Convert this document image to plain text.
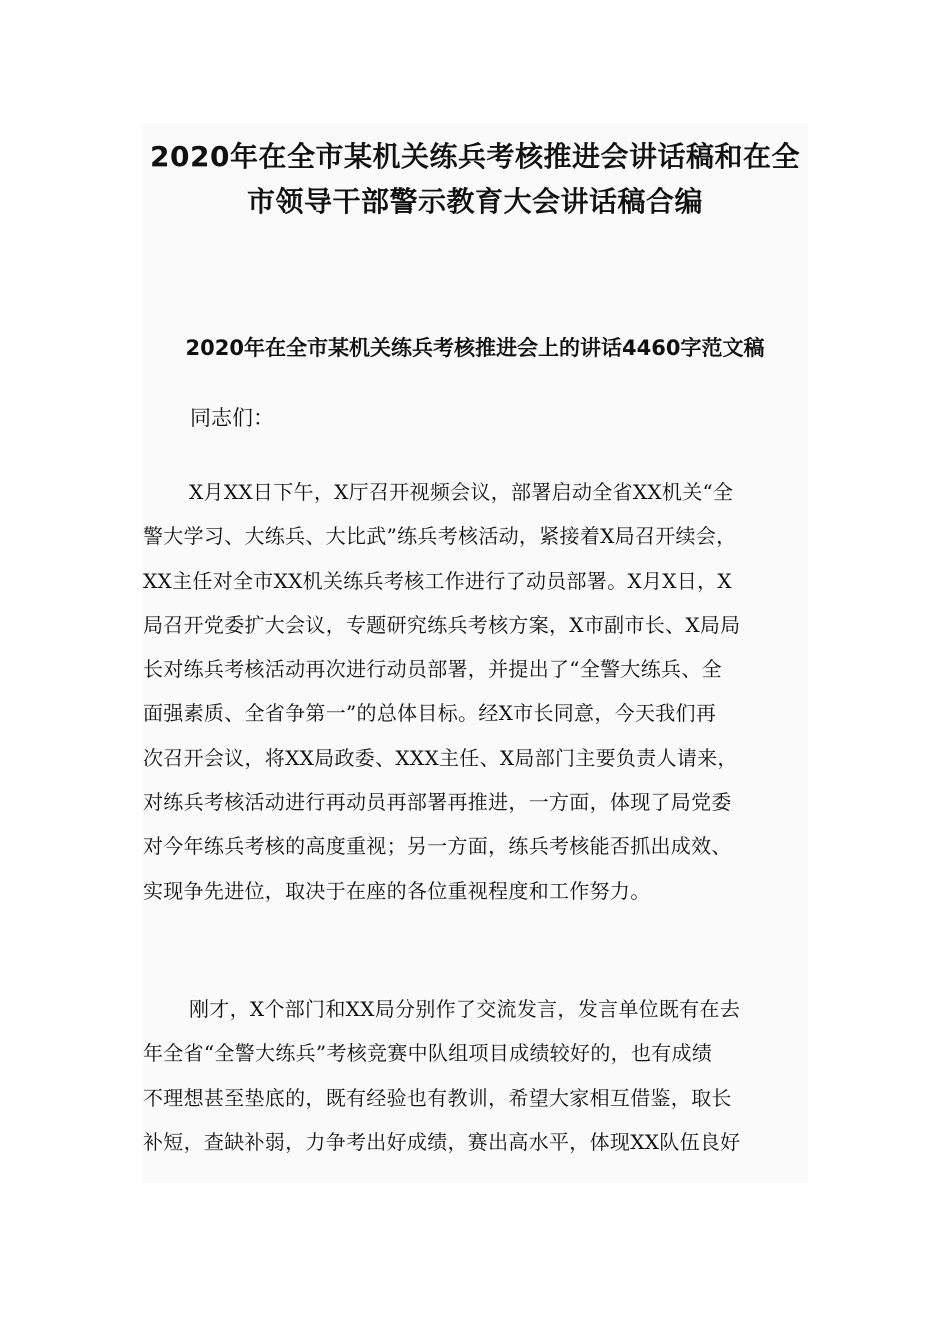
2020年在全市某机关练兵考核推进会讲话稿和在全
市领导干部警示教育大会讲话稿合编
2020年在全市某机关练兵考核推进会上的讲话4460字范文稿

同志们：

X月XX日下午，X厅召开视频会议，部署启动全省XX机关“全
警大学习、大练兵、大比武”练兵考核活动，紧接着X局召开续会，
XX主任对全市XX机关练兵考核工作进行了动员部署。X月X日，X
局召开党委扩大会议，专题研究练兵考核方案，X市副市长、X局局
长对练兵考核活动再次进行动员部署，并提出了“全警大练兵、全
面强素质、全省争第一”的总体目标。经X市长同意，今天我们再
次召开会议，将XX局政委、XXX主任、X局部门主要负责人请来，
对练兵考核活动进行再动员再部署再推进，一方面，体现了局党委
对今年练兵考核的高度重视；另一方面，练兵考核能否抓出成效、
实现争先进位，取决于在座的各位重视程度和工作努力。
刚才，X个部门和XX局分别作了交流发言，发言单位既有在去
年全省“全警大练兵”考核竞赛中队组项目成绩较好的，也有成绩
不理想甚至垫底的，既有经验也有教训，希望大家相互借鉴，取长
补短，查缺补弱，力争考出好成绩，赛出高水平，体现XX队伍良好
